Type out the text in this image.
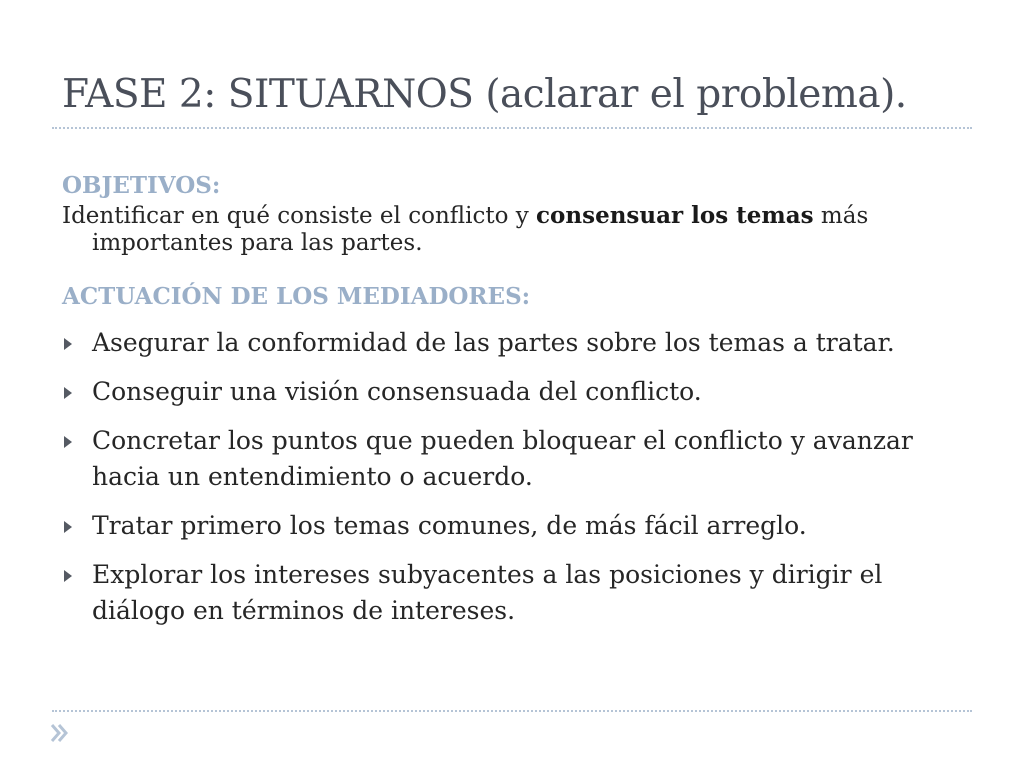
FASE 2: SITUARNOS (aclarar el problema).

OBJETIVOS:

Identificar en qué consiste el conflicto y consensuar los temas más importantes para las partes.

ACTUACIÓN DE LOS MEDIADORES:

Asegurar la conformidad de las partes sobre los temas a tratar.
Conseguir una visión consensuada del conflicto.
Concretar los puntos que pueden bloquear el conflicto y avanzar hacia un entendimiento o acuerdo.
Tratar primero los temas comunes, de más fácil arreglo.
Explorar los intereses subyacentes a las posiciones y dirigir el diálogo en términos de intereses.
